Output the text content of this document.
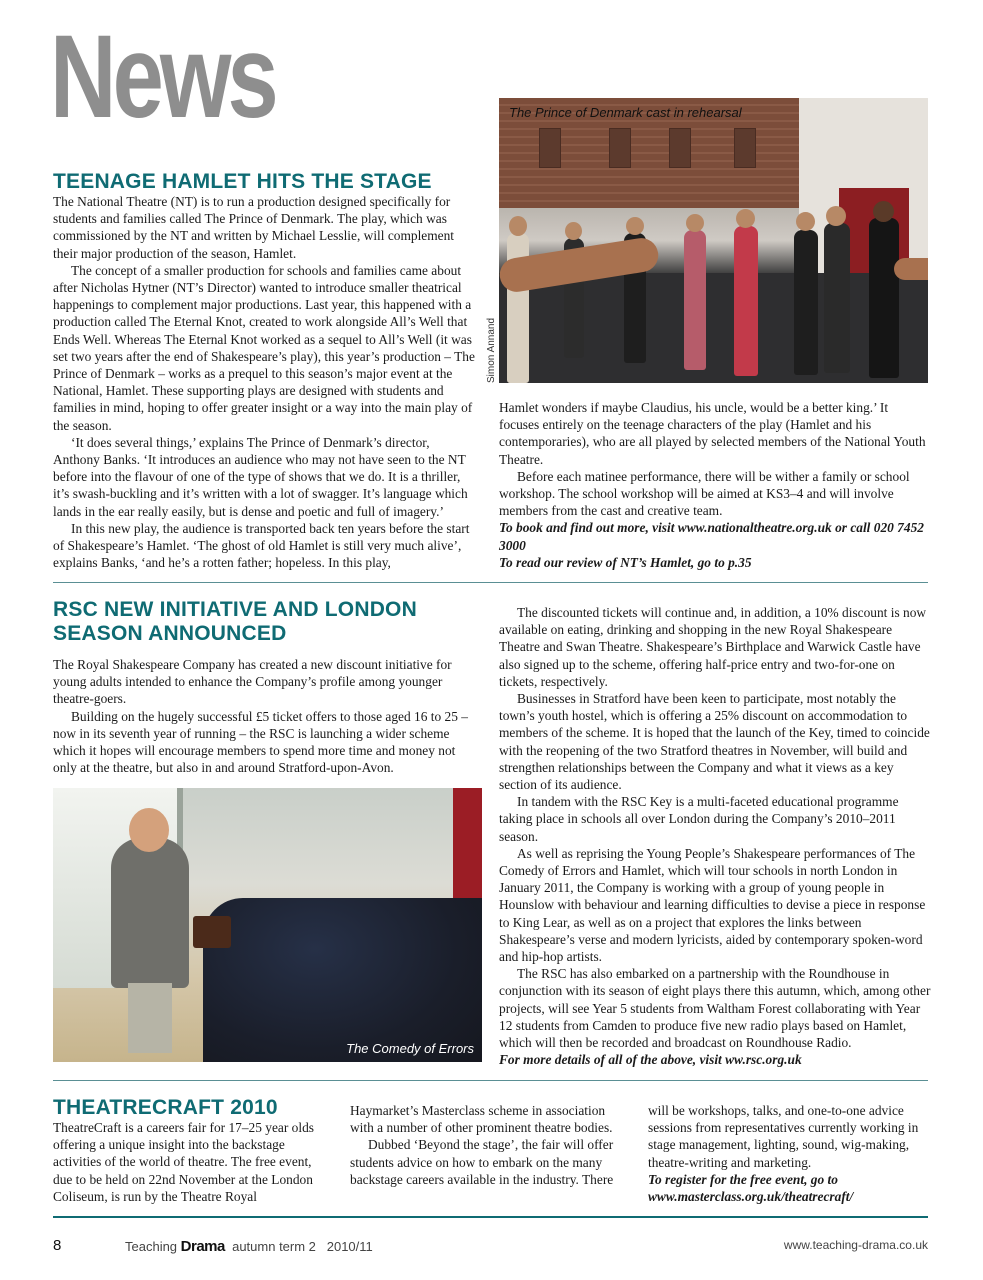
News
TEENAGE HAMLET HITS THE STAGE

The National Theatre (NT) is to run a production designed specifically for students and families called The Prince of Denmark. The play, which was commissioned by the NT and written by Michael Lesslie, will complement their major production of the season, Hamlet.

The concept of a smaller production for schools and families came about after Nicholas Hytner (NT’s Director) wanted to introduce smaller theatrical happenings to complement major productions. Last year, this happened with a production called The Eternal Knot, created to work alongside All’s Well that Ends Well. Whereas The Eternal Knot worked as a sequel to All’s Well (it was set two years after the end of Shakespeare’s play), this year’s production – The Prince of Denmark – works as a prequel to this season’s major event at the National, Hamlet. These supporting plays are designed with students and families in mind, hoping to offer greater insight or a way into the main play of the season.

‘It does several things,’ explains The Prince of Denmark’s director, Anthony Banks. ‘It introduces an audience who may not have seen to the NT before into the flavour of one of the type of shows that we do. It is a thriller, it’s swash-buckling and it’s written with a lot of swagger. It’s language which lands in the ear really easily, but is dense and poetic and full of imagery.’

In this new play, the audience is transported back ten years before the start of Shakespeare’s Hamlet. ‘The ghost of old Hamlet is still very much alive’, explains Banks, ‘and he’s a rotten father; hopeless. In this play,

The Prince of Denmark cast in rehearsal
Simon Annand

Hamlet wonders if maybe Claudius, his uncle, would be a better king.’ It focuses entirely on the teenage characters of the play (Hamlet and his contemporaries), who are all played by selected members of the National Youth Theatre.

Before each matinee performance, there will be wither a family or school workshop. The school workshop will be aimed at KS3–4 and will involve members from the cast and creative team.

To book and find out more, visit www.nationaltheatre.org.uk or call 020 7452 3000

To read our review of NT’s Hamlet, go to p.35

RSC NEW INITIATIVE AND LONDON SEASON ANNOUNCED

The Royal Shakespeare Company has created a new discount initiative for young adults intended to enhance the Company’s profile among younger theatre-goers.

Building on the hugely successful £5 ticket offers to those aged 16 to 25 – now in its seventh year of running – the RSC is launching a wider scheme which it hopes will encourage members to spend more time and money not only at the theatre, but also in and around Stratford-upon-Avon.

The Comedy of Errors

The discounted tickets will continue and, in addition, a 10% discount is now available on eating, drinking and shopping in the new Royal Shakespeare Theatre and Swan Theatre. Shakespeare’s Birthplace and Warwick Castle have also signed up to the scheme, offering half-price entry and two-for-one on tickets, respectively.

Businesses in Stratford have been keen to participate, most notably the town’s youth hostel, which is offering a 25% discount on accommodation to members of the scheme. It is hoped that the launch of the Key, timed to coincide with the reopening of the two Stratford theatres in November, will build and strengthen relationships between the Company and what it views as a key section of its audience.

In tandem with the RSC Key is a multi-faceted educational programme taking place in schools all over London during the Company’s 2010–2011 season.

As well as reprising the Young People’s Shakespeare performances of The Comedy of Errors and Hamlet, which will tour schools in north London in January 2011, the Company is working with a group of young people in Hounslow with behaviour and learning difficulties to devise a piece in response to King Lear, as well as on a project that explores the links between Shakespeare’s verse and modern lyricists, aided by contemporary spoken-word and hip-hop artists.

The RSC has also embarked on a partnership with the Roundhouse in conjunction with its season of eight plays there this autumn, which, among other projects, will see Year 5 students from Waltham Forest collaborating with Year 12 students from Camden to produce five new radio plays based on Hamlet, which will then be recorded and broadcast on Roundhouse Radio.

For more details of all of the above, visit ww.rsc.org.uk

THEATRECRAFT 2010

TheatreCraft is a careers fair for 17–25 year olds offering a unique insight into the backstage activities of the world of theatre. The free event, due to be held on 22nd November at the London Coliseum, is run by the Theatre Royal

Haymarket’s Masterclass scheme in association with a number of other prominent theatre bodies.

Dubbed ‘Beyond the stage’, the fair will offer students advice on how to embark on the many backstage careers available in the industry. There

will be workshops, talks, and one-to-one advice sessions from representatives currently working in stage management, lighting, sound, wig-making, theatre-writing and marketing.

To register for the free event, go to www.masterclass.org.uk/theatrecraft/

8	Teaching Drama autumn term 2   2010/11	www.teaching-drama.co.uk
